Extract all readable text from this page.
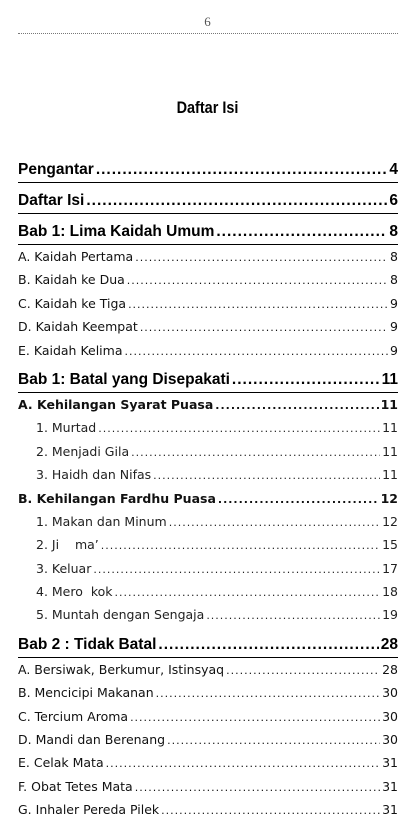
6
Daftar Isi
Pengantar .....	4
Daftar Isi .....	6
Bab 1: Lima Kaidah Umum .....	8
A. Kaidah Pertama .....	8
B. Kaidah ke Dua .....	8
C. Kaidah ke Tiga .....	9
D. Kaidah Keempat .....	9
E. Kaidah Kelima .....	9
Bab 1: Batal yang Disepakati .....	11
A. Kehilangan Syarat Puasa .....	11
1. Murtad .....	11
2. Menjadi Gila .....	11
3. Haidh dan Nifas .....	11
B. Kehilangan Fardhu Puasa .....	12
1. Makan dan Minum .....	12
2. Ji    ma’ .....	15
3. Keluar .....	17
4. Mero  kok .....	18
5. Muntah dengan Sengaja .....	19
Bab 2 : Tidak Batal .....	28
A. Bersiwak, Berkumur, Istinsyaq .....	28
B. Mencicipi Makanan .....	30
C. Tercium Aroma .....	30
D. Mandi dan Berenang .....	30
E. Celak Mata .....	31
F. Obat Tetes Mata .....	31
G. Inhaler Pereda Pilek .....	31
